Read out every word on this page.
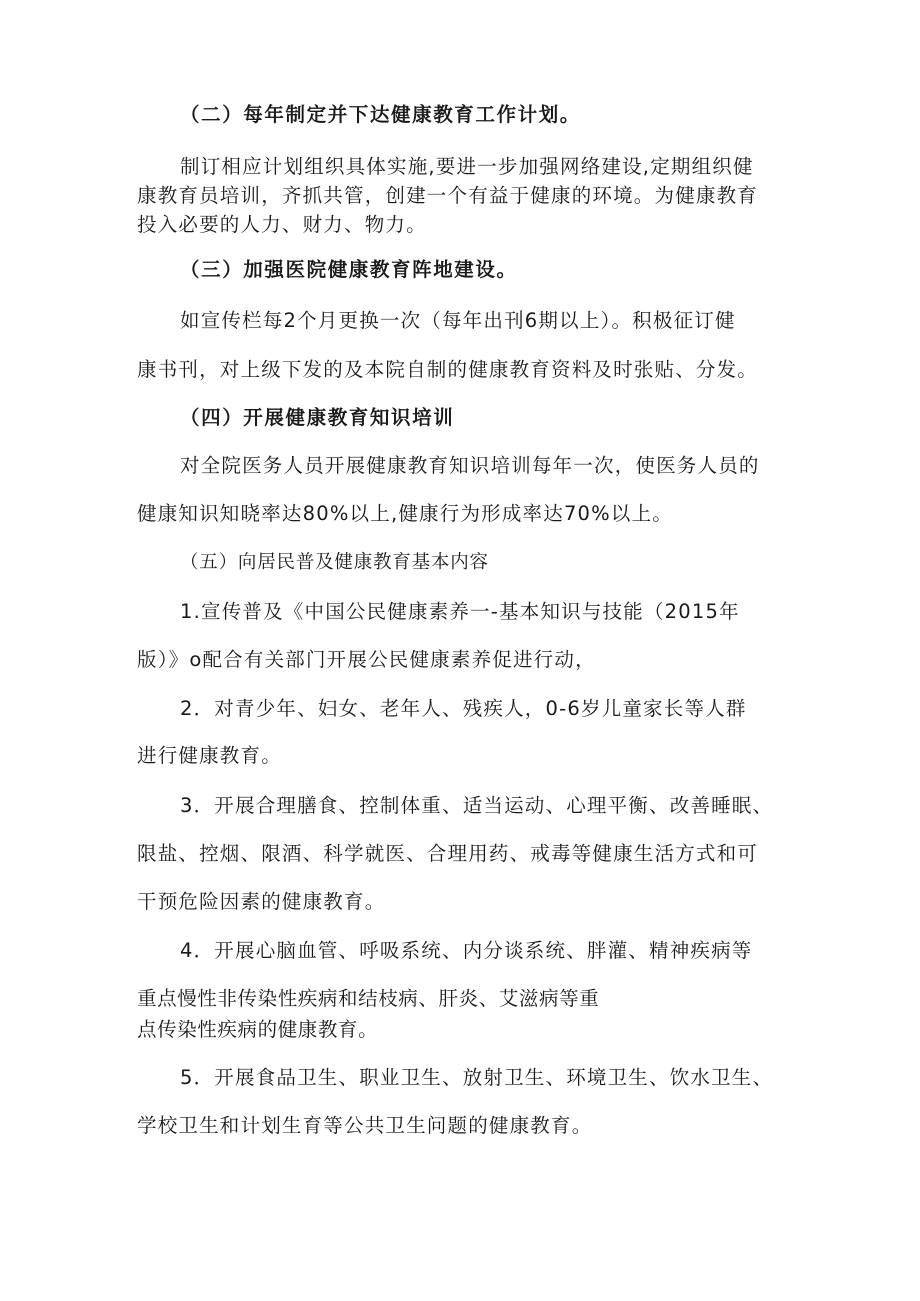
（二）每年制定并下达健康教育工作计划。
制订相应计划组织具体实施,要进一步加强网络建设,定期组织健
康教育员培训，齐抓共管，创建一个有益于健康的环境。为健康教育
投入必要的人力、财力、物力。
（三）加强医院健康教育阵地建设。
如宣传栏每2个月更换一次（每年出刊6期以上）。积极征订健
康书刊，对上级下发的及本院自制的健康教育资料及时张贴、分发。
（四）开展健康教育知识培训
对全院医务人员开展健康教育知识培训每年一次，使医务人员的
健康知识知晓率达80%以上,健康行为形成率达70%以上。
（五）向居民普及健康教育基本内容
1.宣传普及《中国公民健康素养一-基本知识与技能（2015年
版）》o配合有关部门开展公民健康素养促进行动，
2．对青少年、妇女、老年人、残疾人，0-6岁儿童家长等人群
进行健康教育。
3．开展合理膳食、控制体重、适当运动、心理平衡、改善睡眠、
限盐、控烟、限酒、科学就医、合理用药、戒毒等健康生活方式和可
干预危险因素的健康教育。
4．开展心脑血管、呼吸系统、内分谈系统、胖灌、精神疾病等
重点慢性非传染性疾病和结枝病、肝炎、艾滋病等重
点传染性疾病的健康教育。
5．开展食品卫生、职业卫生、放射卫生、环境卫生、饮水卫生、
学校卫生和计划生育等公共卫生问题的健康教育。
